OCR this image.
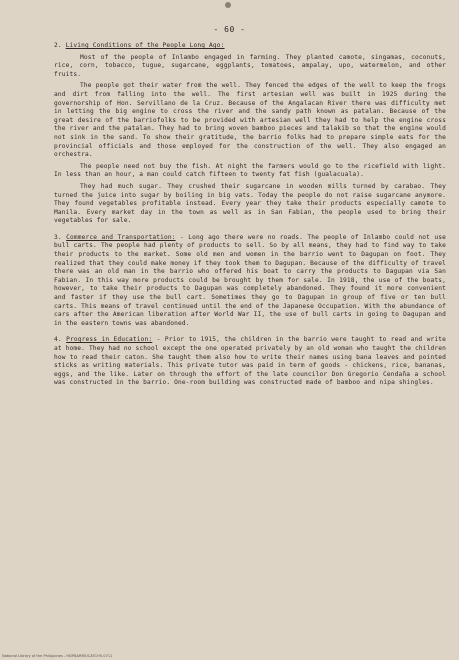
- 60 -

2. Living Conditions of the People Long Ago:

Most of the people of Inlambo engaged in farming. They planted camote, singamas, coconuts, rice, corn, tobacco, tugue, sugarcane, eggplants, tomatoes, ampalay, upo, watermelon, and other fruits.

The people got their water from the well. They fenced the edges of the well to keep the frogs and dirt from falling into the well. The first artesian well was built in 1925 during the governorship of Hon. Servillano de la Cruz. Because of the Angalacan River there was difficulty met in letting the big engine to cross the river and the sandy path known as patalan. Because of the great desire of the barriofolks to be provided with artesian well they had to help the engine cross the river and the patalan. They had to bring woven bamboo pieces and talakib so that the engine would not sink in the sand. To show their gratitude, the barrio folks had to prepare simple eats for the provincial officials and those employed for the construction of the well. They also engaged an orchestra.

The people need not buy the fish. At night the farmers would go to the ricefield with light. In less than an hour, a man could catch fifteen to twenty fat fish (gualacuala).

They had much sugar. They crushed their sugarcane in wooden mills turned by carabao. They turned the juice into sugar by boiling in big vats. Today the people do not raise sugarcane anymore. They found vegetables profitable instead. Every year they take their products especially camote to Manila. Every market day in the town as well as in San Fabian, the people used to bring their vegetables for sale.

3. Commerce and Transportation: - Long ago there were no roads. The people of Inlambo could not use bull carts. The people had plenty of products to sell. So by all means, they had to find way to take their products to the market. Some old men and women in the barrio went to Dagupan on foot. They realized that they could make money if they took them to Dagupan. Because of the difficulty of travel there was an old man in the barrio who offered his boat to carry the products to Dagupan via San Fabian. In this way more products could be brought by them for sale. In 1918, the use of the boats, however, to take their products to Dagupan was completely abandoned. They found it more convenient and faster if they use the bull cart. Sometimes they go to Dagupan in group of five or ten bull carts. This means of travel continued until the end of the Japanese Occupation. With the abundance of cars after the American liberation after World War II, the use of bull carts in going to Dagupan and in the eastern towns was abandoned.

4. Progress in Education: - Prior to 1915, the children in the barrio were taught to read and write at home. They had no school except the one operated privately by an old woman who taught the children how to read their caton. She taught them also how to write their names using bana leaves and pointed sticks as writing materials. This private tutor was paid in term of goods - chickens, rice, bananas, eggs, and the like. Later on through the effort of the late councilor Don Gregorio Cendaña a school was constructed in the barrio. One-room building was constructed made of bamboo and nipa shingles.

National Library of the Philippines - HDPBARRIOCATCH5-0711
